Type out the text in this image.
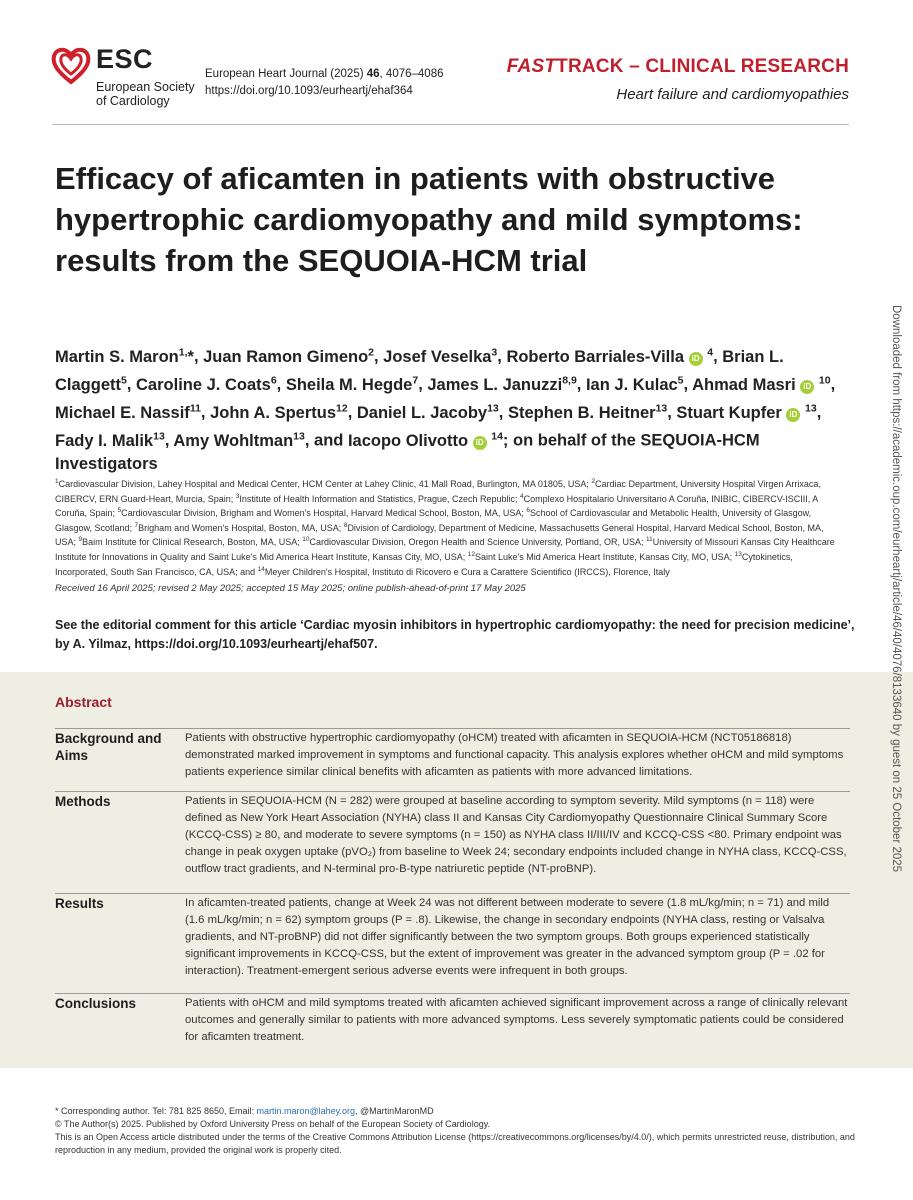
ESC
European Society
of Cardiology
European Heart Journal (2025) 46, 4076–4086
https://doi.org/10.1093/eurheartj/ehaf364
FASTTRACK – CLINICAL RESEARCH
Heart failure and cardiomyopathies
Efficacy of aficamten in patients with obstructive hypertrophic cardiomyopathy and mild symptoms: results from the SEQUOIA-HCM trial
Martin S. Maron$^{1,}$*, Juan Ramon Gimeno$^2$, Josef Veselka$^3$, Roberto Barriales-Villa iD $^4$, Brian L. Claggett$^5$, Caroline J. Coats$^6$, Sheila M. Hegde$^7$, James L. Januzzi$^{8,9}$, Ian J. Kulac$^5$, Ahmad Masri iD $^{10}$, Michael E. Nassif$^{11}$, John A. Spertus$^{12}$, Daniel L. Jacoby$^{13}$, Stephen B. Heitner$^{13}$, Stuart Kupfer iD $^{13}$, Fady I. Malik$^{13}$, Amy Wohltman$^{13}$, and Iacopo Olivotto iD $^{14}$; on behalf of the SEQUOIA-HCM Investigators
$^1$Cardiovascular Division, Lahey Hospital and Medical Center, HCM Center at Lahey Clinic, 41 Mall Road, Burlington, MA 01805, USA; $^2$Cardiac Department, University Hospital Virgen Arrixaca, CIBERCV, ERN Guard-Heart, Murcia, Spain; $^3$Institute of Health Information and Statistics, Prague, Czech Republic; $^4$Complexo Hospitalario Universitario A Coruña, INIBIC, CIBERCV-ISCIII, A Coruña, Spain; $^5$Cardiovascular Division, Brigham and Women's Hospital, Harvard Medical School, Boston, MA, USA; $^6$School of Cardiovascular and Metabolic Health, University of Glasgow, Glasgow, Scotland; $^7$Brigham and Women's Hospital, Boston, MA, USA; $^8$Division of Cardiology, Department of Medicine, Massachusetts General Hospital, Harvard Medical School, Boston, MA, USA; $^9$Baim Institute for Clinical Research, Boston, MA, USA; $^{10}$Cardiovascular Division, Oregon Health and Science University, Portland, OR, USA; $^{11}$University of Missouri Kansas City Healthcare Institute for Innovations in Quality and Saint Luke's Mid America Heart Institute, Kansas City, MO, USA; $^{12}$Saint Luke's Mid America Heart Institute, Kansas City, MO, USA; $^{13}$Cytokinetics, Incorporated, South San Francisco, CA, USA; and $^{14}$Meyer Children's Hospital, Instituto di Ricovero e Cura a Carattere Scientifico (IRCCS), Florence, Italy
Received 16 April 2025; revised 2 May 2025; accepted 15 May 2025; online publish-ahead-of-print 17 May 2025
See the editorial comment for this article ‘Cardiac myosin inhibitors in hypertrophic cardiomyopathy: the need for precision medicine’, by A. Yilmaz, https://doi.org/10.1093/eurheartj/ehaf507.
Abstract
Background and Aims
Patients with obstructive hypertrophic cardiomyopathy (oHCM) treated with aficamten in SEQUOIA-HCM (NCT05186818) demonstrated marked improvement in symptoms and functional capacity. This analysis explores whether oHCM and mild symptoms patients experience similar clinical benefits with aficamten as patients with more advanced limitations.
Methods	Patients in SEQUOIA-HCM (N = 282) were grouped at baseline according to symptom severity. Mild symptoms (n = 118) were defined as New York Heart Association (NYHA) class II and Kansas City Cardiomyopathy Questionnaire Clinical Summary Score (KCCQ-CSS) ≥ 80, and moderate to severe symptoms (n = 150) as NYHA class II/III/IV and KCCQ-CSS <80. Primary endpoint was change in peak oxygen uptake (pVO₂) from baseline to Week 24; secondary endpoints included change in NYHA class, KCCQ-CSS, outflow tract gradients, and N-terminal pro-B-type natriuretic peptide (NT-proBNP).
Results	In aficamten-treated patients, change at Week 24 was not different between moderate to severe (1.8 mL/kg/min; n = 71) and mild (1.6 mL/kg/min; n = 62) symptom groups (P = .8). Likewise, the change in secondary endpoints (NYHA class, resting or Valsalva gradients, and NT-proBNP) did not differ significantly between the two symptom groups. Both groups experienced statistically significant improvements in KCCQ-CSS, but the extent of improvement was greater in the advanced symptom group (P = .02 for interaction). Treatment-emergent serious adverse events were infrequent in both groups.
Conclusions	Patients with oHCM and mild symptoms treated with aficamten achieved significant improvement across a range of clinically relevant outcomes and generally similar to patients with more advanced symptoms. Less severely symptomatic patients could be considered for aficamten treatment.
* Corresponding author. Tel: 781 825 8650, Email: martin.maron@lahey.org, @MartinMaronMD
© The Author(s) 2025. Published by Oxford University Press on behalf of the European Society of Cardiology.
This is an Open Access article distributed under the terms of the Creative Commons Attribution License (https://creativecommons.org/licenses/by/4.0/), which permits unrestricted reuse, distribution, and reproduction in any medium, provided the original work is properly cited.
Downloaded from https://academic.oup.com/eurheartj/article/46/40/4076/8133640 by guest on 25 October 2025
